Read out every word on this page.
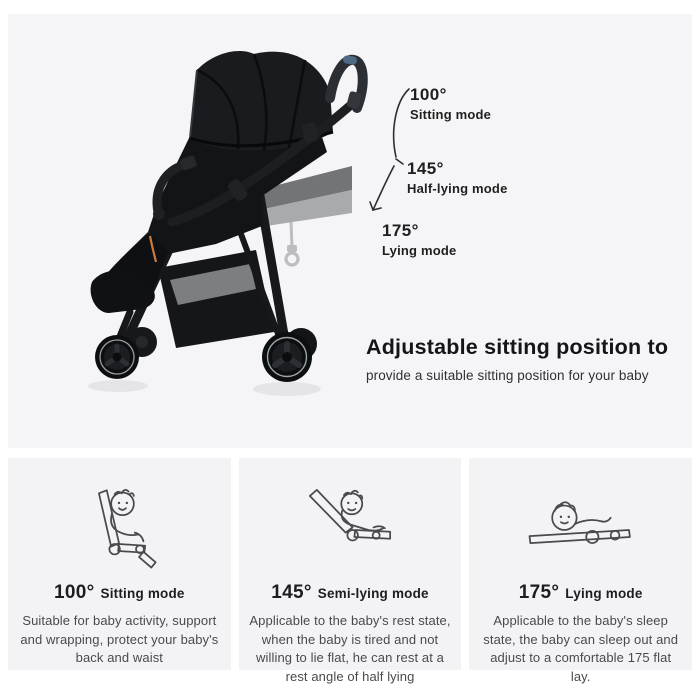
100°
Sitting mode
145°
Half-lying mode
175°
Lying mode
Adjustable sitting position to

provide a suitable sitting position for your baby

100° Sitting mode

Suitable for baby activity, support and wrapping, protect your baby's back and waist

145° Semi-lying mode

Applicable to the baby's rest state, when the baby is tired and not willing to lie flat, he can rest at a rest angle of half lying

175° Lying mode

Applicable to the baby's sleep state, the baby can sleep out and adjust to a comfortable 175 flat lay.
